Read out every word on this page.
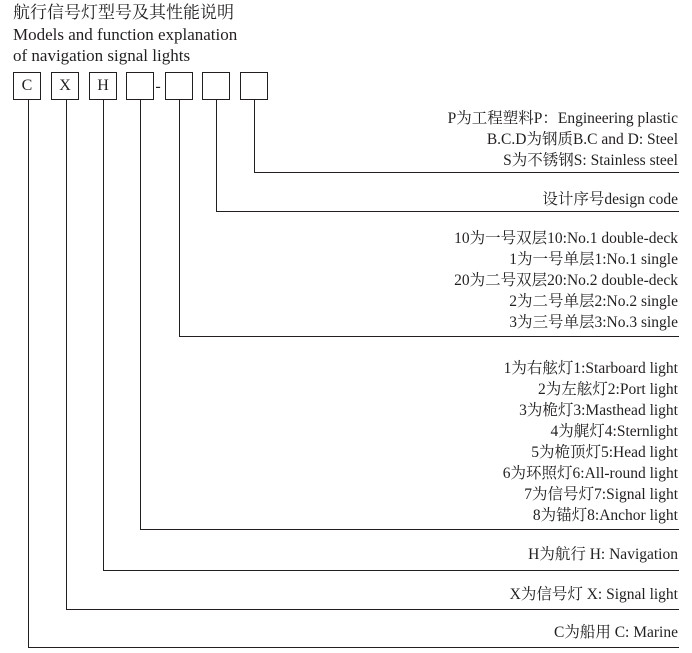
航行信号灯型号及其性能说明
Models and function explanation
of navigation signal lights
-
C	X	H
P为工程塑料P：Engineering plastic
B.C.D为钢质B.C and D: Steel
S为不锈钢S: Stainless steel
设计序号design code
10为一号双层10:No.1 double-deck
1为一号单层1:No.1 single
20为二号双层20:No.2 double-deck
2为二号单层2:No.2 single
3为三号单层3:No.3 single
1为右舷灯1:Starboard light
2为左舷灯2:Port light
3为桅灯3:Masthead light
4为艉灯4:Sternlight
5为桅顶灯5:Head light
6为环照灯6:All-round light
7为信号灯7:Signal light
8为锚灯8:Anchor light
H为航行 H: Navigation
X为信号灯 X: Signal light
C为船用 C: Marine
